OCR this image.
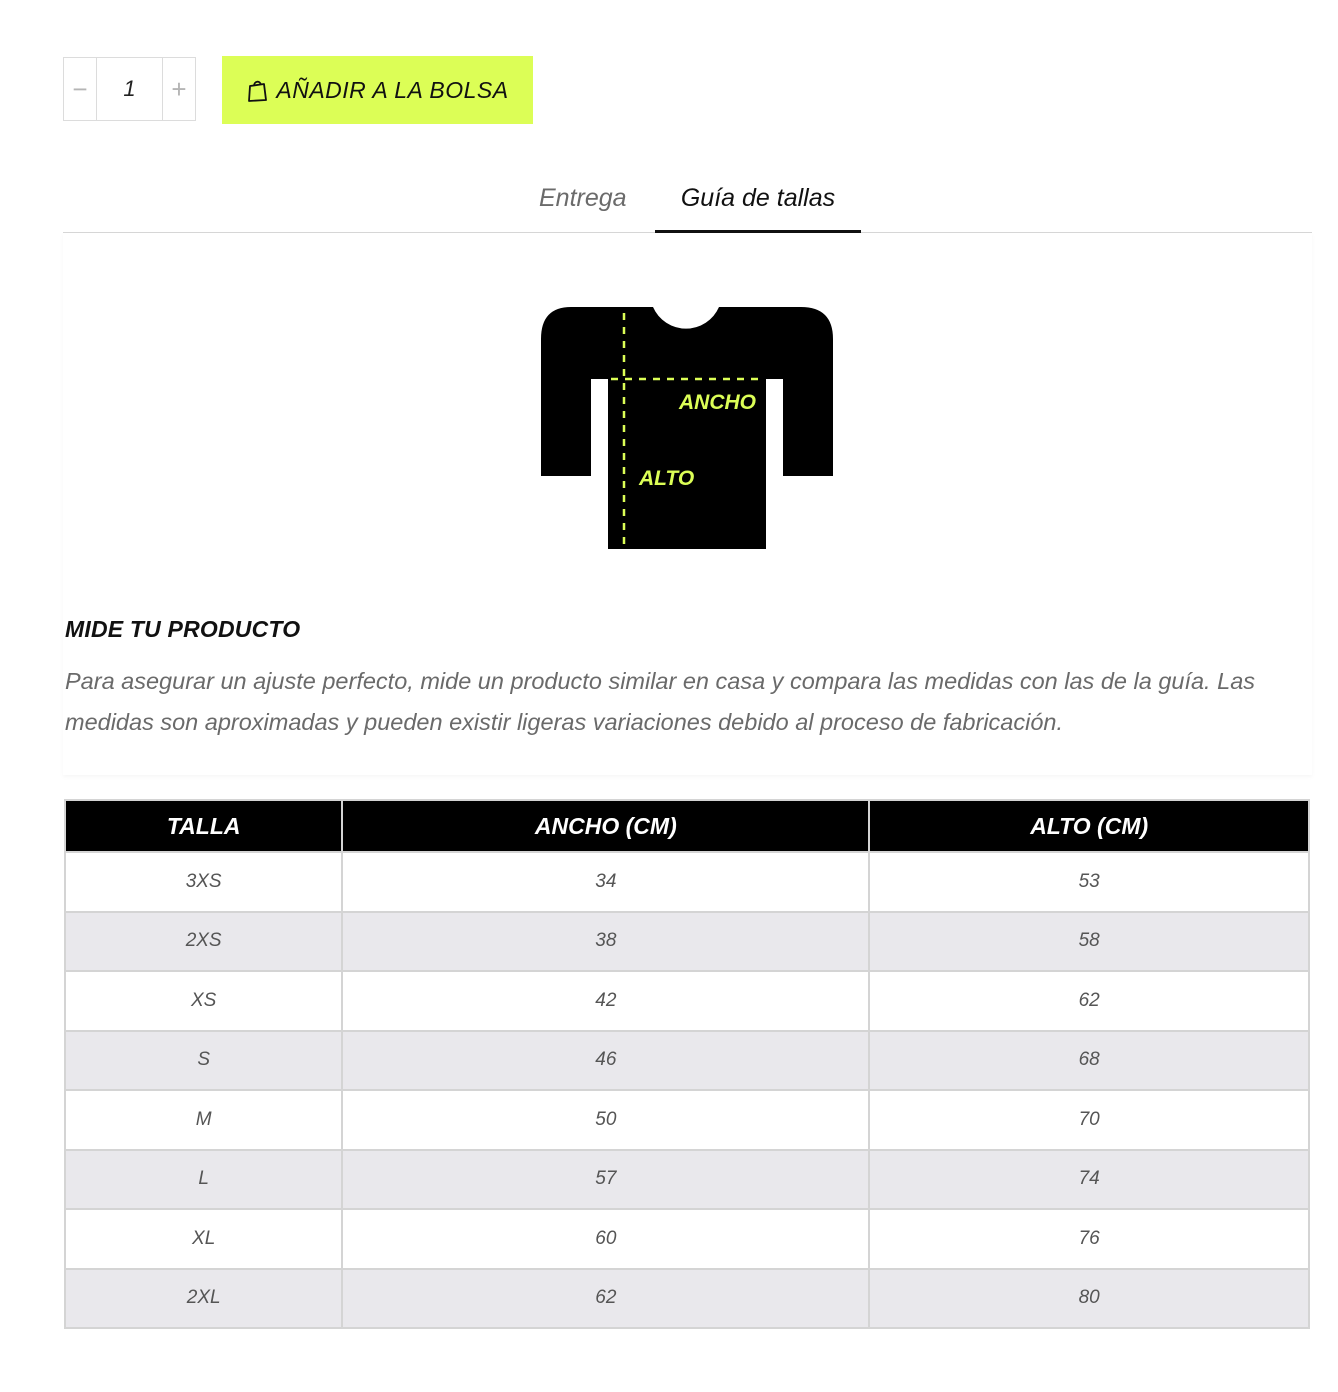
−
1	+	AÑADIR A LA BOLSA
Entrega	Guía de tallas
ANCHO
ALTO
MIDE TU PRODUCTO

Para asegurar un ajuste perfecto, mide un producto similar en casa y compara las medidas con las de la guía. Las medidas son aproximadas y pueden existir ligeras variaciones debido al proceso de fabricación.

TALLA	ANCHO (CM)	ALTO (CM)
3XS	34	53
2XS	38	58
XS	42	62
S	46	68
M	50	70
L	57	74
XL	60	76
2XL	62	80
